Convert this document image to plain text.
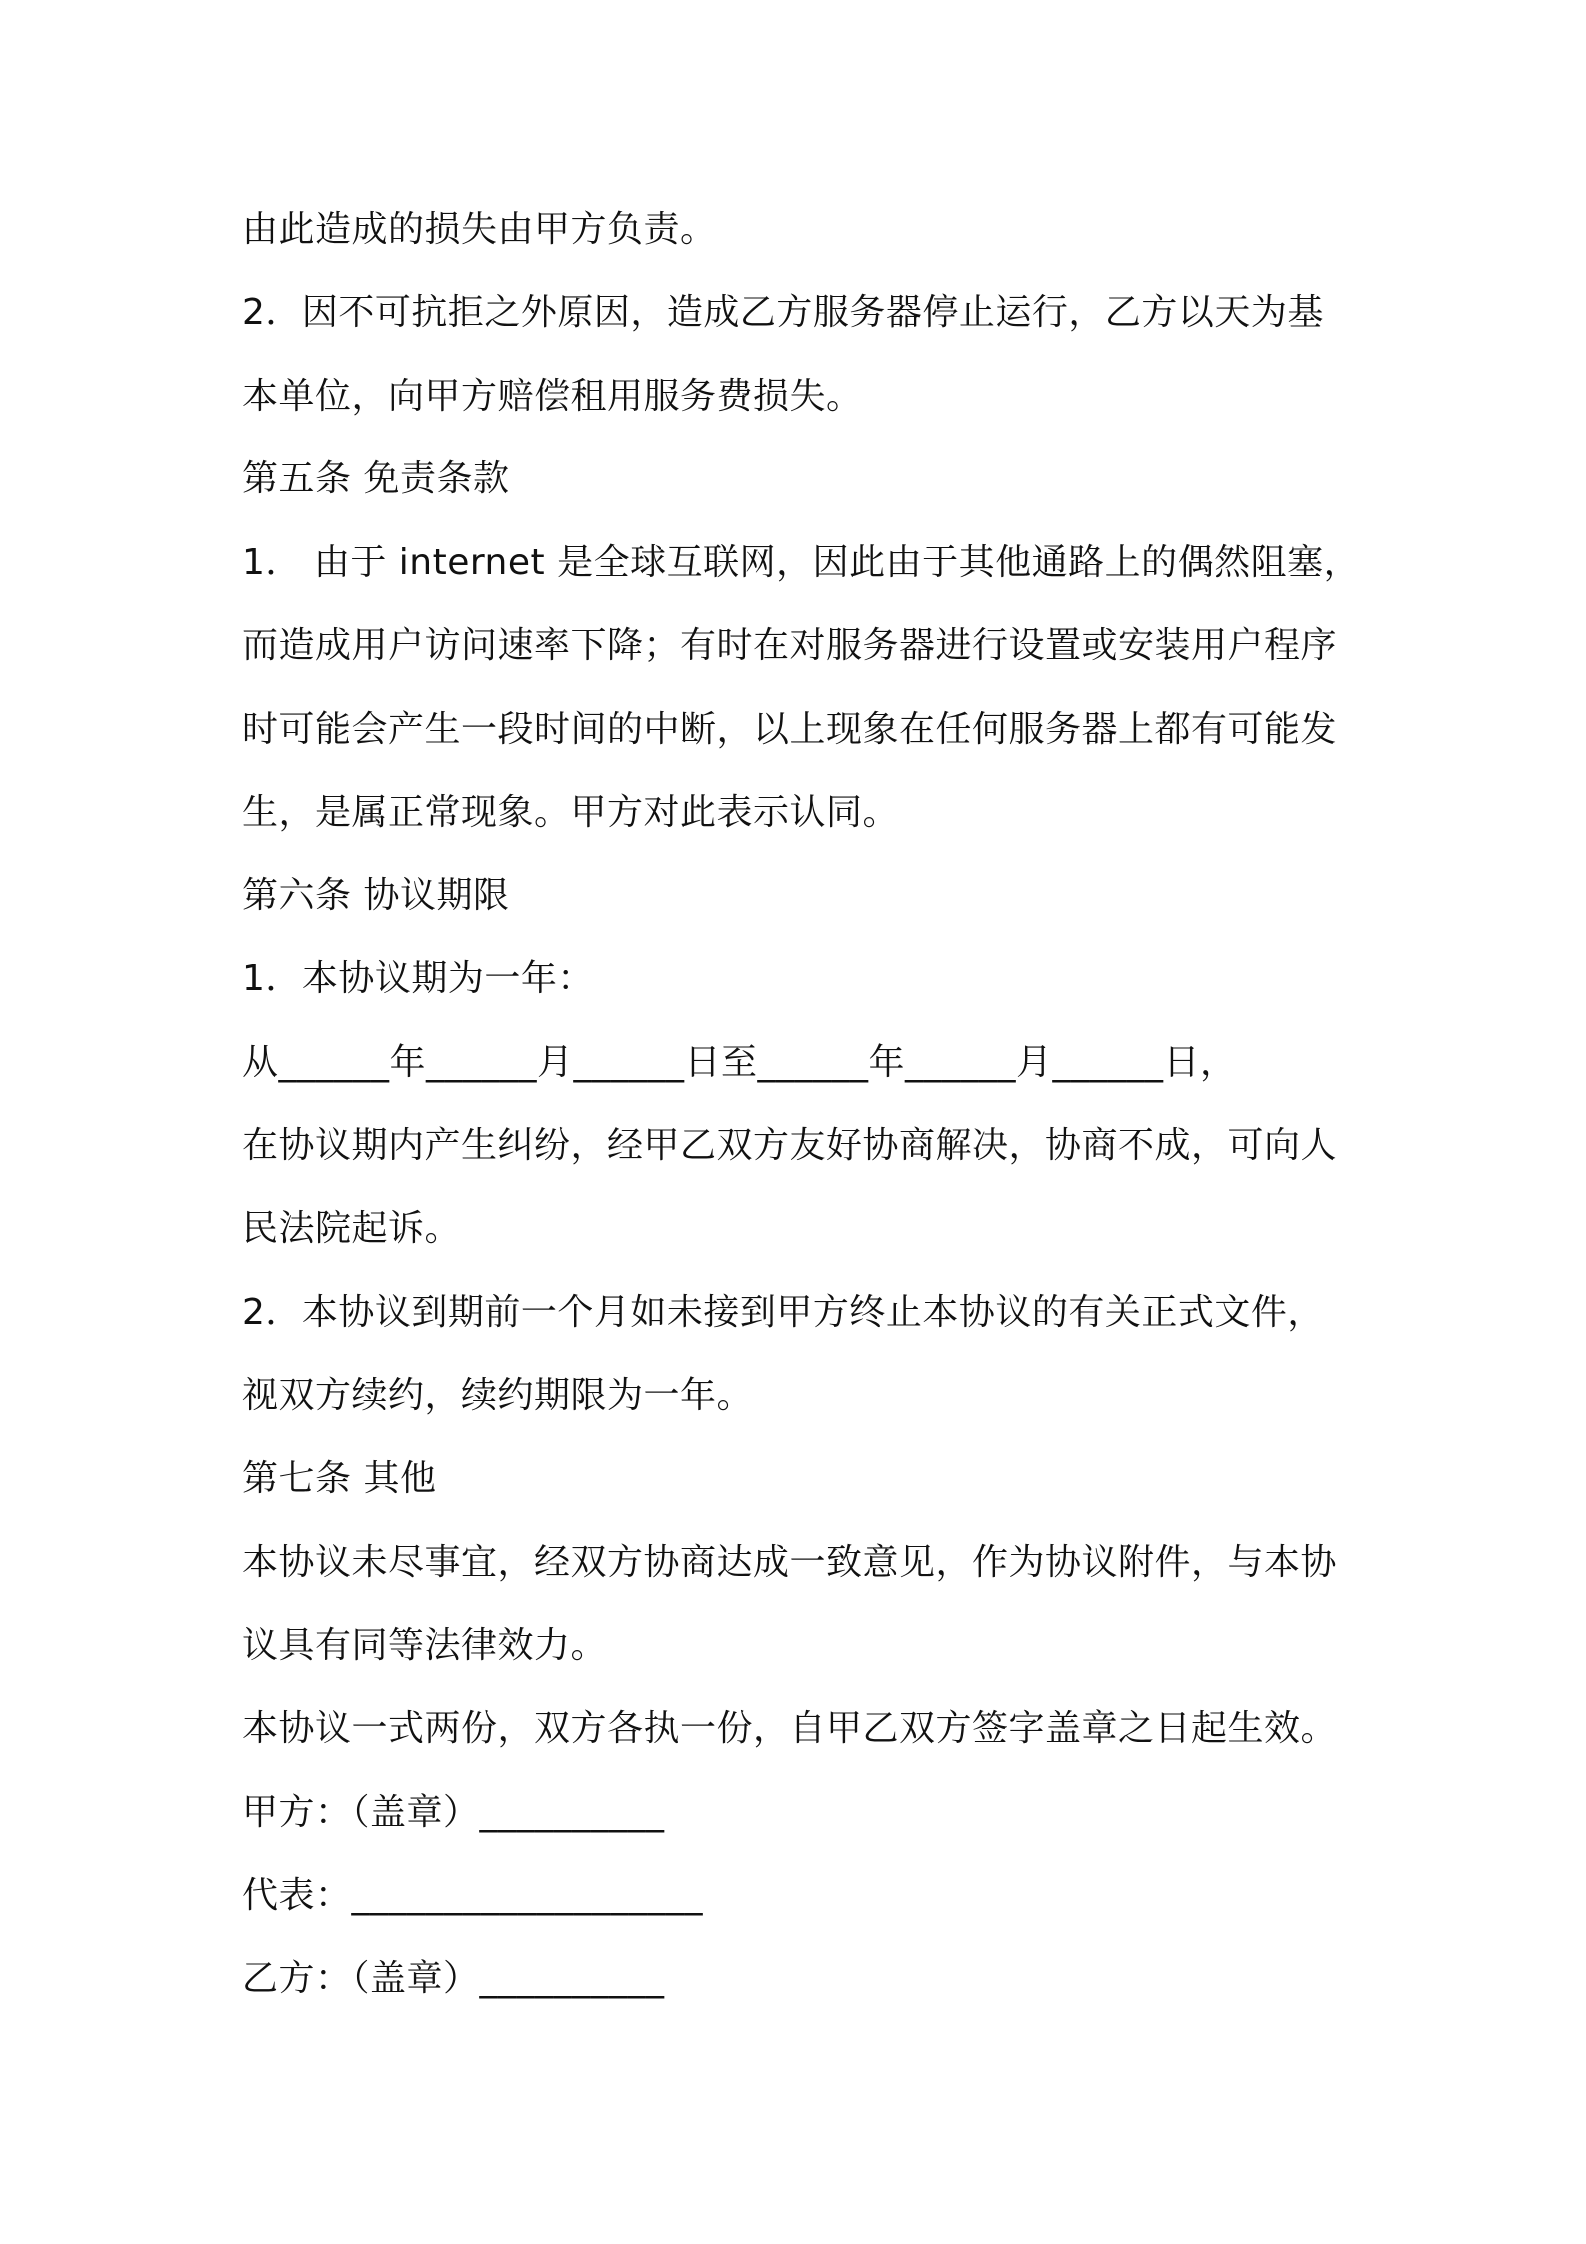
由此造成的损失由甲方负责。
2．因不可抗拒之外原因，造成乙方服务器停止运行，乙方以天为基
本单位，向甲方赔偿租用服务费损失。
第五条 免责条款
1． 由于 internet 是全球互联网，因此由于其他通路上的偶然阻塞，
而造成用户访问速率下降；有时在对服务器进行设置或安装用户程序
时可能会产生一段时间的中断，以上现象在任何服务器上都有可能发
生，是属正常现象。甲方对此表示认同。
第六条 协议期限
1．本协议期为一年：
从______年______月______日至______年______月______日，
在协议期内产生纠纷，经甲乙双方友好协商解决，协商不成，可向人
民法院起诉。
2．本协议到期前一个月如未接到甲方终止本协议的有关正式文件，
视双方续约，续约期限为一年。
第七条 其他
本协议未尽事宜，经双方协商达成一致意见，作为协议附件，与本协
议具有同等法律效力。
本协议一式两份，双方各执一份，自甲乙双方签字盖章之日起生效。
甲方：（盖章）__________
代表：___________________
乙方：（盖章）__________
